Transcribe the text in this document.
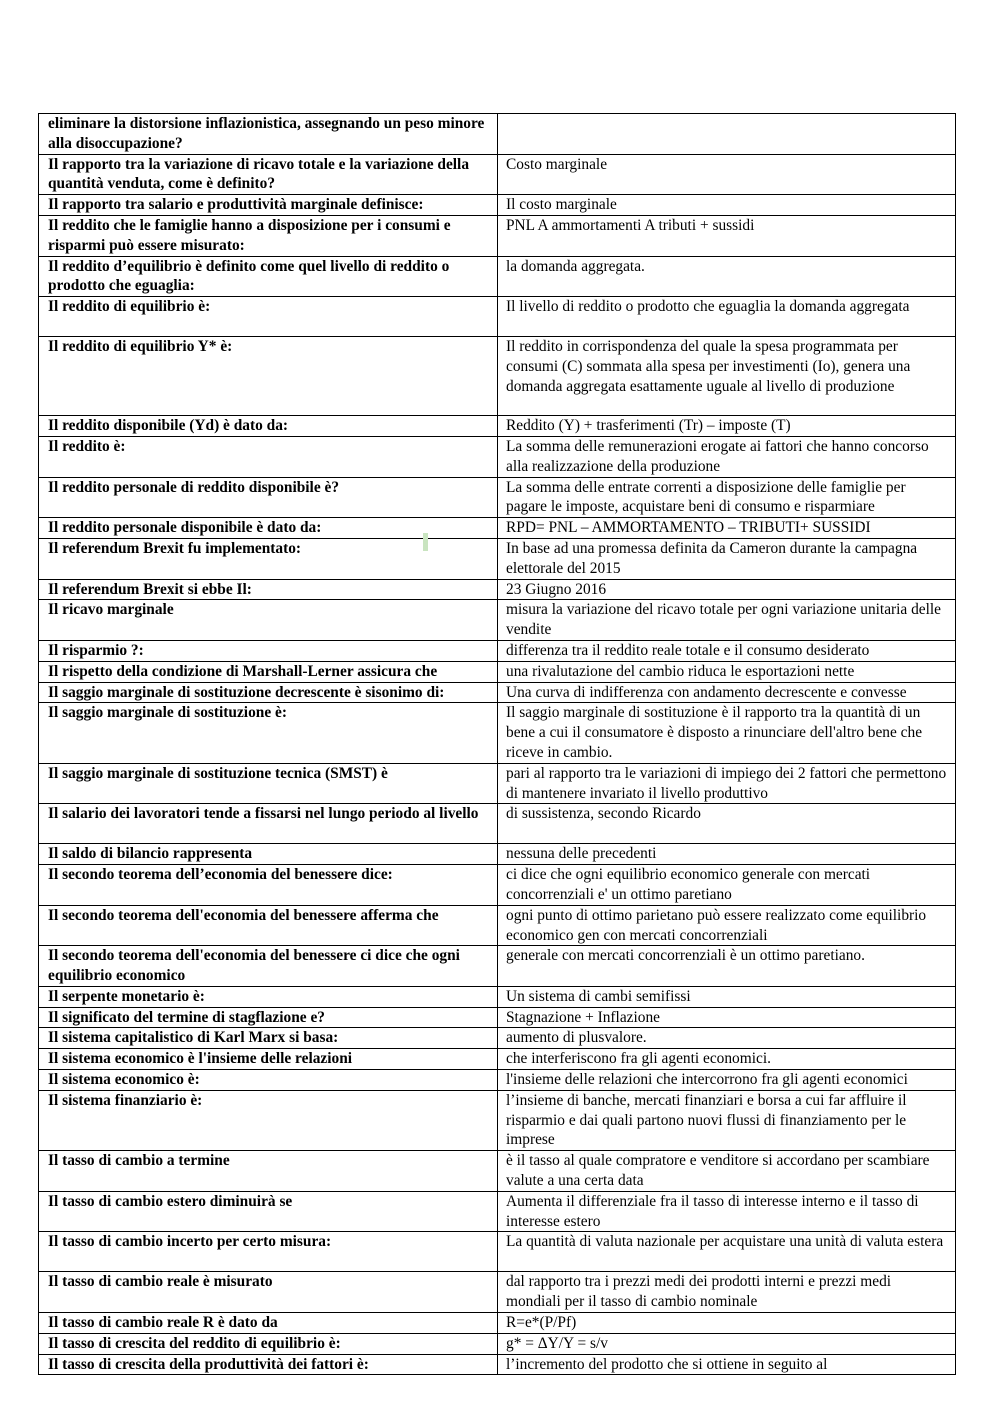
eliminare la distorsione inflazionistica, assegnando un peso minore alla disoccupazione?	
Il rapporto tra la variazione di ricavo totale e la variazione della quantità venduta, come è definito?	Costo marginale
Il rapporto tra salario e produttività marginale definisce:	Il costo marginale
Il reddito che le famiglie hanno a disposizione per i consumi e risparmi può essere misurato:	PNL A ammortamenti A tributi + sussidi
Il reddito d’equilibrio è definito come quel livello di reddito o prodotto che eguaglia:	la domanda aggregata.
Il reddito di equilibrio è:	Il livello di reddito o prodotto che eguaglia la domanda aggregata
Il reddito di equilibrio Y* è:	Il reddito in corrispondenza del quale la spesa programmata per consumi (C) sommata alla spesa per investimenti (Io), genera una domanda aggregata esattamente uguale al livello di produzione
Il reddito disponibile (Yd) è dato da:	Reddito (Y) + trasferimenti (Tr) – imposte (T)
Il reddito è:	La somma delle remunerazioni erogate ai fattori che hanno concorso alla realizzazione della produzione
Il reddito personale di reddito disponibile è?	La somma delle entrate correnti a disposizione delle famiglie per pagare le imposte, acquistare beni di consumo e risparmiare
Il reddito personale disponibile è dato da:	RPD= PNL – AMMORTAMENTO – TRIBUTI+ SUSSIDI
Il referendum Brexit fu implementato:	In base ad una promessa definita da Cameron durante la campagna elettorale del 2015
Il referendum Brexit si ebbe Il:	23 Giugno 2016
Il ricavo marginale	misura la variazione del ricavo totale per ogni variazione unitaria delle vendite
Il risparmio ?:	differenza tra il reddito reale totale e il consumo desiderato
Il rispetto della condizione di Marshall-Lerner assicura che	una rivalutazione del cambio riduca le esportazioni nette
Il saggio marginale di sostituzione decrescente è sisonimo di:	Una curva di indifferenza con andamento decrescente e convesse
Il saggio marginale di sostituzione è:	Il saggio marginale di sostituzione è il rapporto tra la quantità di un bene a cui il consumatore è disposto a rinunciare dell'altro bene che riceve in cambio.
Il saggio marginale di sostituzione tecnica (SMST) è	pari al rapporto tra le variazioni di impiego dei 2 fattori che permettono di mantenere invariato il livello produttivo
Il salario dei lavoratori tende a fissarsi nel lungo periodo al livello	di sussistenza, secondo Ricardo
Il saldo di bilancio rappresenta	nessuna delle precedenti
Il secondo teorema dell’economia del benessere dice:	ci dice che ogni equilibrio economico generale con mercati concorrenziali e' un ottimo paretiano
Il secondo teorema dell'economia del benessere afferma che	ogni punto di ottimo parietano può essere realizzato come equilibrio economico gen con mercati concorrenziali
Il secondo teorema dell'economia del benessere ci dice che ogni equilibrio economico	generale con mercati concorrenziali è un ottimo paretiano.
Il serpente monetario è:	Un sistema di cambi semifissi
Il significato del termine di stagflazione e?	Stagnazione + Inflazione
Il sistema capitalistico di Karl Marx si basa:	aumento di plusvalore.
Il sistema economico è l'insieme delle relazioni	che interferiscono fra gli agenti economici.
Il sistema economico è:	l'insieme delle relazioni che intercorrono fra gli agenti economici
Il sistema finanziario è:	l’insieme di banche, mercati finanziari e borsa a cui far affluire il risparmio e dai quali partono nuovi flussi di finanziamento per le imprese
Il tasso di cambio a termine	è il tasso al quale compratore e venditore si accordano per scambiare valute a una certa data
Il tasso di cambio estero diminuirà se	Aumenta il differenziale fra il tasso di interesse interno e il tasso di interesse estero
Il tasso di cambio incerto per certo misura:	La quantità di valuta nazionale per acquistare una unità di valuta estera
Il tasso di cambio reale è misurato	dal rapporto tra i prezzi medi dei prodotti interni e prezzi medi mondiali per il tasso di cambio nominale
Il tasso di cambio reale R è dato da	R=e*(P/Pf)
Il tasso di crescita del reddito di equilibrio è:	g* = ΔY/Y = s/v
Il tasso di crescita della produttività dei fattori è:	l’incremento del prodotto che si ottiene in seguito al
